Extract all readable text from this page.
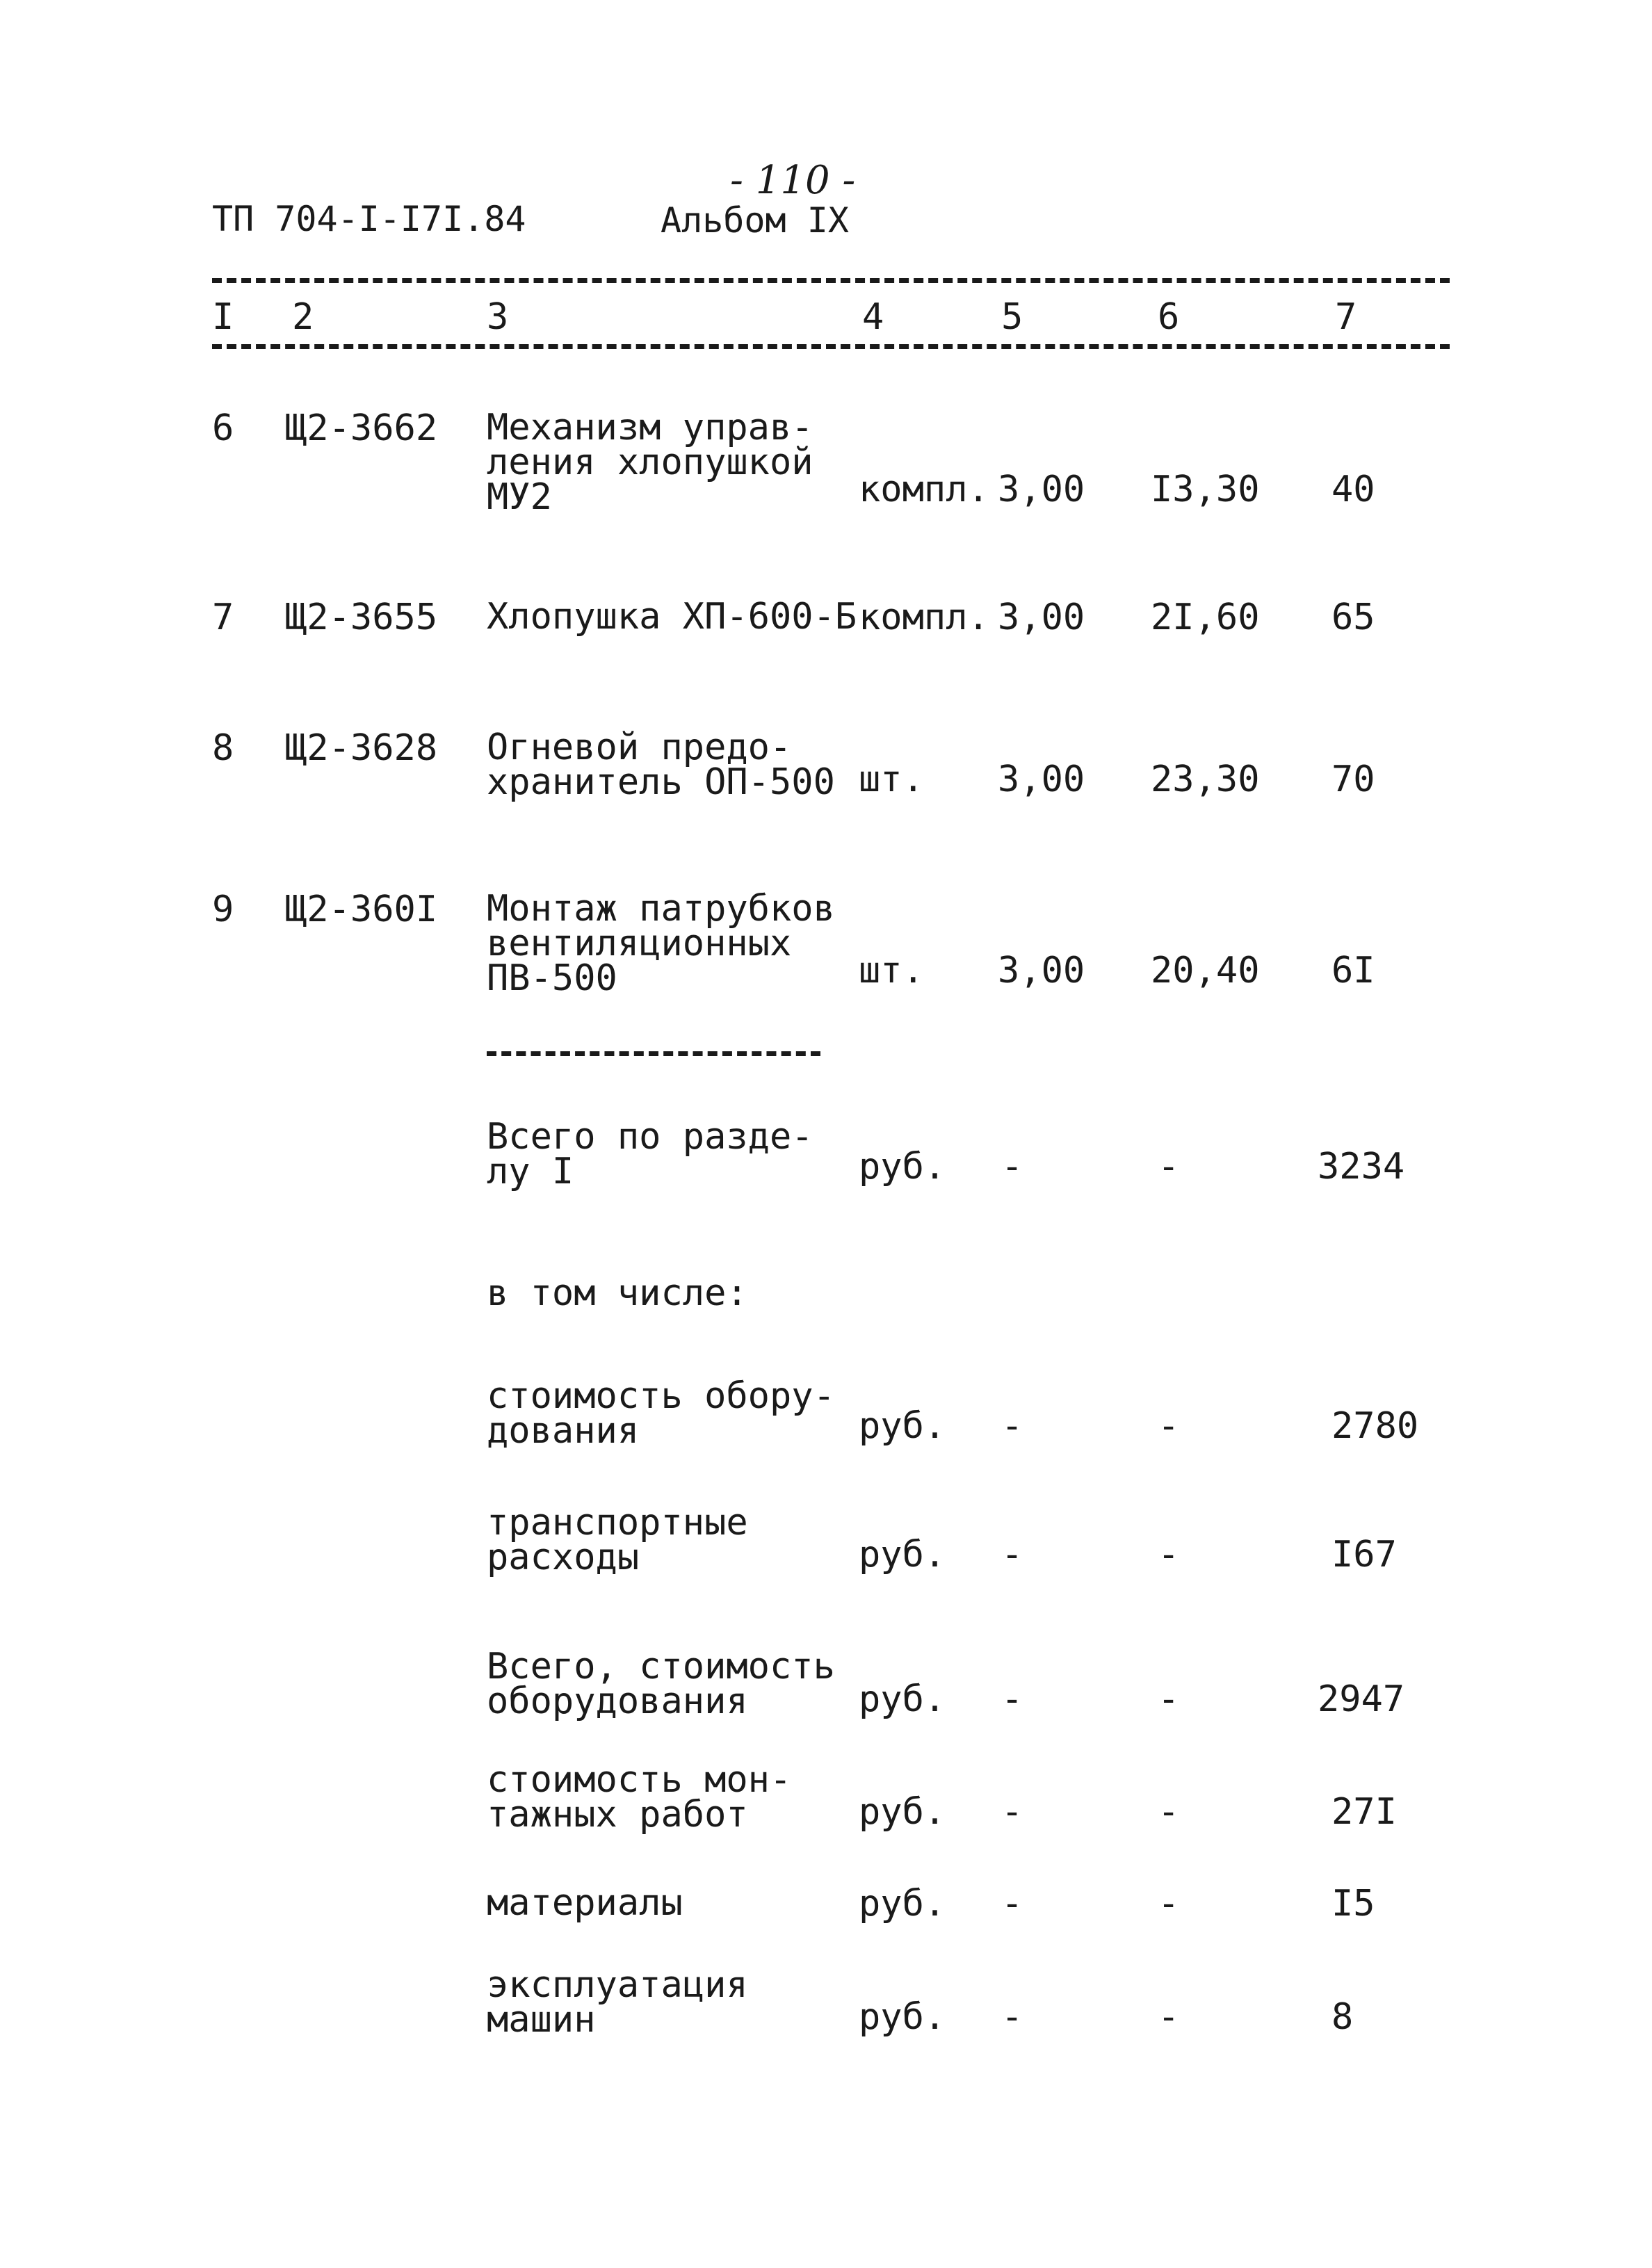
ТП 704-I-I7I.84
- 110 -
Альбом IX
I 2	3	4	5	6	7
6 Щ2-3662 Механизм управ-
ления хлопушкой
МУ2	компл. 3,00 I3,30 40
7 Щ2-3655 Хлопушка ХП-600-Б компл. 3,00 2I,60 65
8 Щ2-3628 Огневой предо-
хранитель ОП-500 шт. 3,00 23,30 70
9 Щ2-360I Монтаж патрубков
вентиляционных
ПВ-500	шт. 3,00 20,40 6I
Всего по разде-
лу I	руб. -	-	3234
в том числе:
стоимость обору-
дования	руб. -	-	2780
транспортные
расходы	руб. -	-	I67
Всего, стоимость
оборудования	руб. -	-	2947
стоимость мон-
тажных работ	руб. -	-	27I
материалы	руб. -	-	I5
эксплуатация
машин	руб. -	-	8
